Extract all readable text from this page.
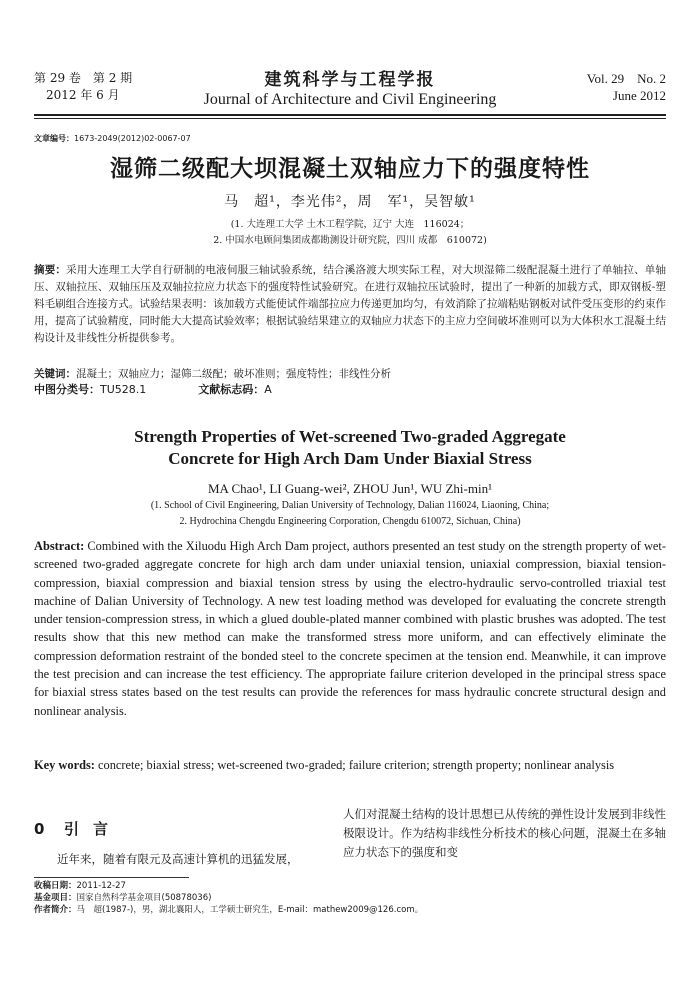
第 29 卷　第 2 期
2012 年 6 月
建筑科学与工程学报
Journal of Architecture and Civil Engineering
Vol. 29　No. 2
June 2012
文章编号：1673-2049(2012)02-0067-07
湿筛二级配大坝混凝土双轴应力下的强度特性
马　超¹，李光伟²，周　军¹，吴智敏¹
(1. 大连理工大学 土木工程学院，辽宁 大连　116024；
2. 中国水电顾问集团成都勘测设计研究院，四川 成都　610072)
摘要：采用大连理工大学自行研制的电液伺服三轴试验系统，结合溪洛渡大坝实际工程，对大坝湿筛二级配混凝土进行了单轴拉、单轴压、双轴拉压、双轴压压及双轴拉拉应力状态下的强度特性试验研究。在进行双轴拉压试验时，提出了一种新的加载方式，即双钢板-塑料毛刷组合连接方式。试验结果表明：该加载方式能使试件端部拉应力传递更加均匀，有效消除了拉端粘贴钢板对试件受压变形的约束作用，提高了试验精度，同时能大大提高试验效率；根据试验结果建立的双轴应力状态下的主应力空间破坏准则可以为大体积水工混凝土结构设计及非线性分析提供参考。
关键词：混凝土；双轴应力；湿筛二级配；破坏准则；强度特性；非线性分析
中图分类号：TU528.1	文献标志码：A
Strength Properties of Wet-screened Two-graded Aggregate
Concrete for High Arch Dam Under Biaxial Stress
MA Chao¹, LI Guang-wei², ZHOU Jun¹, WU Zhi-min¹
(1. School of Civil Engineering, Dalian University of Technology, Dalian 116024, Liaoning, China;
2. Hydrochina Chengdu Engineering Corporation, Chengdu 610072, Sichuan, China)
Abstract: Combined with the Xiluodu High Arch Dam project, authors presented an test study on the strength property of wet-screened two-graded aggregate concrete for high arch dam under uniaxial tension, uniaxial compression, biaxial tension-compression, biaxial compression and biaxial tension stress by using the electro-hydraulic servo-controlled triaxial test machine of Dalian University of Technology. A new test loading method was developed for evaluating the concrete strength under tension-compression stress, in which a glued double-plated manner combined with plastic brushes was adopted. The test results show that this new method can make the transformed stress more uniform, and can effectively eliminate the compression deformation restraint of the bonded steel to the concrete specimen at the tension end. Meanwhile, it can improve the test precision and can increase the test efficiency. The appropriate failure criterion developed in the principal stress space for biaxial stress states based on the test results can provide the references for mass hydraulic concrete structural design and nonlinear analysis.
Key words: concrete; biaxial stress; wet-screened two-graded; failure criterion; strength property; nonlinear analysis
0 引言
近年来，随着有限元及高速计算机的迅猛发展，
人们对混凝土结构的设计思想已从传统的弹性设计发展到非线性极限设计。作为结构非线性分析技术的核心问题，混凝土在多轴应力状态下的强度和变
收稿日期：2011-12-27
基金项目：国家自然科学基金项目(50878036)
作者简介：马　超(1987-)，男，湖北襄阳人，工学硕士研究生，E-mail：mathew2009@126.com。
